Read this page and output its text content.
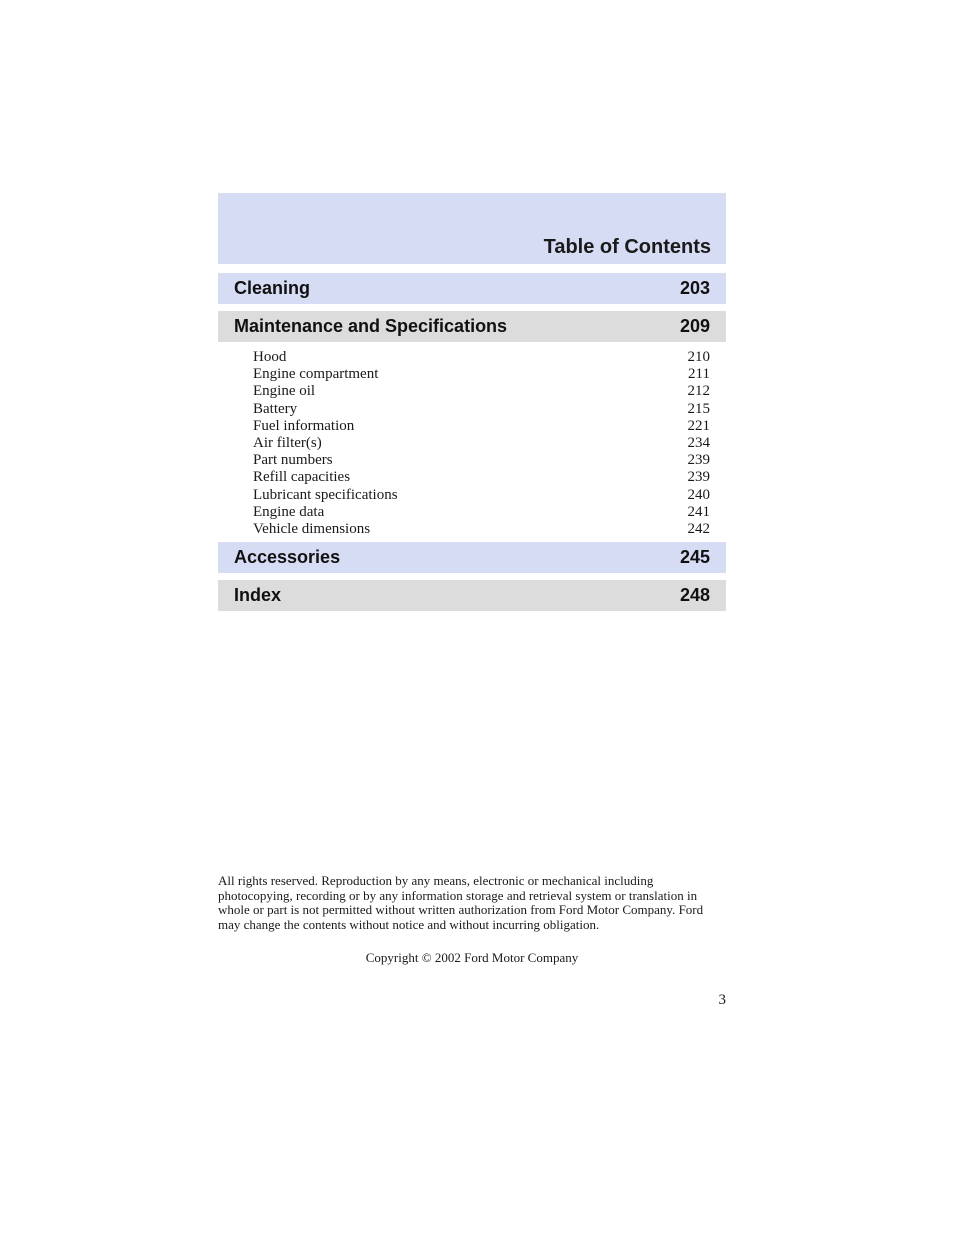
Table of Contents
Cleaning	203
Maintenance and Specifications	209
Hood	210
Engine compartment	211
Engine oil	212
Battery	215
Fuel information	221
Air filter(s)	234
Part numbers	239
Refill capacities	239
Lubricant specifications	240
Engine data	241
Vehicle dimensions	242
Accessories	245
Index	248

All rights reserved. Reproduction by any means, electronic or mechanical including photocopying, recording or by any information storage and retrieval system or translation in whole or part is not permitted without written authorization from Ford Motor Company. Ford may change the contents without notice and without incurring obligation.

Copyright © 2002 Ford Motor Company

3
